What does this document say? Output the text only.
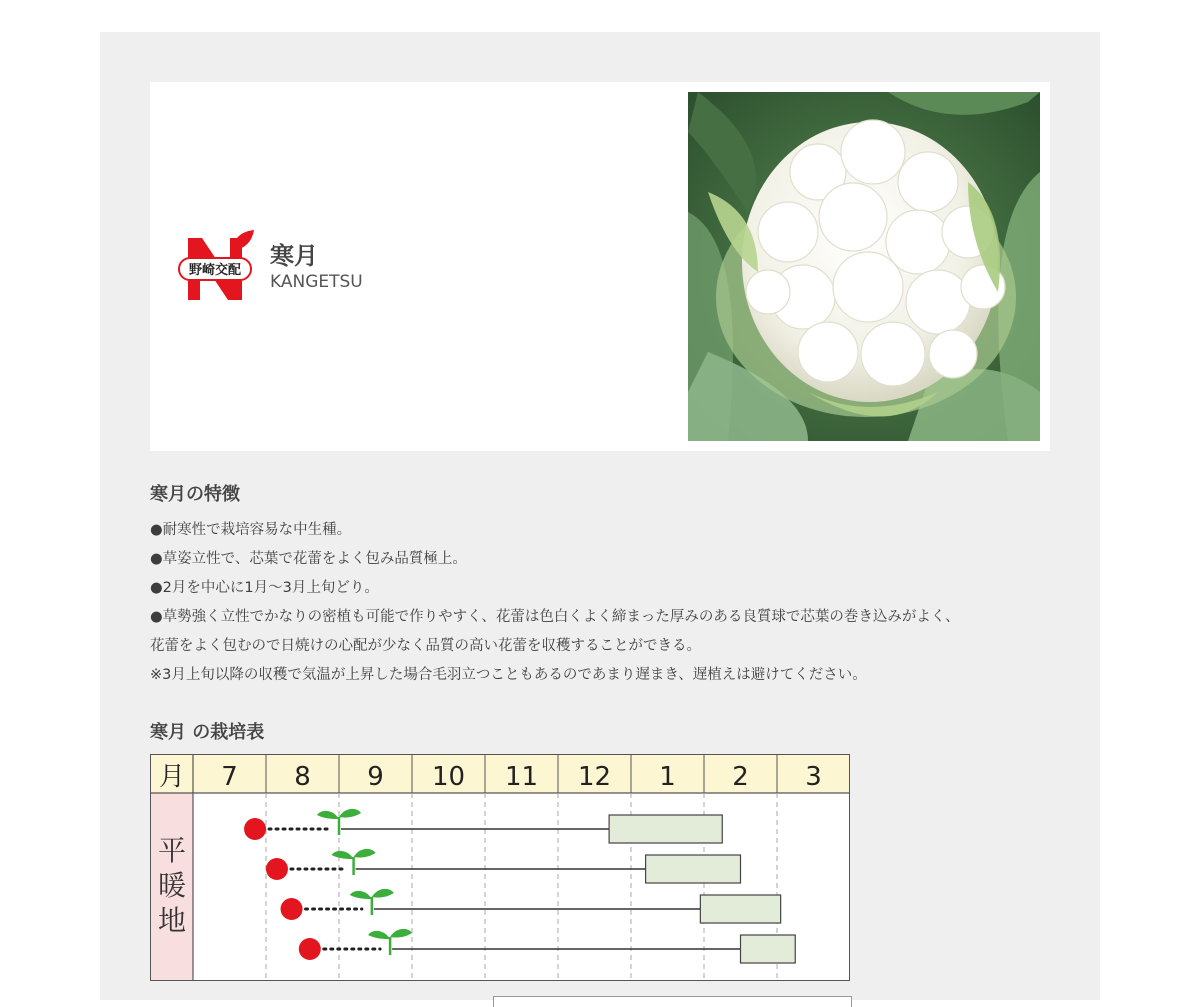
野崎交配
寒月
KANGETSU
寒月の特徴
●耐寒性で栽培容易な中生種。
●草姿立性で、芯葉で花蕾をよく包み品質極上。
●2月を中心に1月〜3月上旬どり。
●草勢強く立性でかなりの密植も可能で作りやすく、花蕾は色白くよく締まった厚みのある良質球で芯葉の巻き込みがよく、
花蕾をよく包むので日焼けの心配が少なく品質の高い花蕾を収穫することができる。
※3月上旬以降の収穫で気温が上昇した場合毛羽立つこともあるのであまり遅まき、遅植えは避けてください。
寒月 の栽培表
月 7 8 9 10 11 12 1 2 3
平
暖
地
